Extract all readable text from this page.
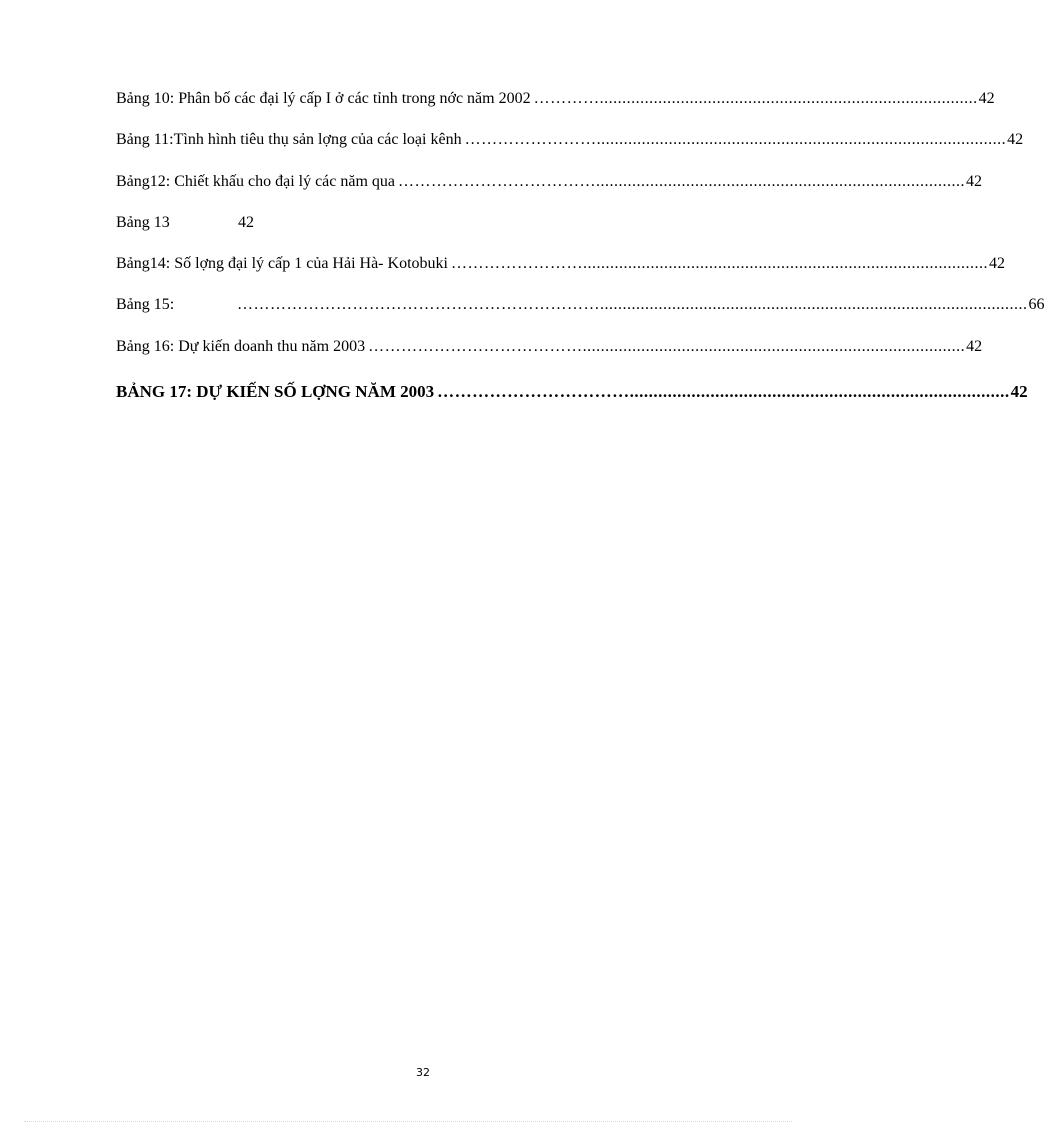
Bảng 10: Phân bố các đại lý cấp I ở các tỉnh trong nớc năm 2002 ………….................................................................................... 42
Bảng 11:Tình hình tiêu thụ sản lợng của các loại kênh ……………………........................................................................................... 42
Bảng12: Chiết khấu cho đại lý các năm qua ……………………………….................................................................................. 42
Bảng 13	42
Bảng14: Số lợng đại lý cấp 1 của Hải Hà- Kotobuki …………………….......................................................................................... 42
Bảng 15:	…………………………………………………………............................................................................................... 66
Bảng 16: Dự kiến doanh thu năm 2003 …………………………………..................................................................................... 42
BẢNG 17: DỰ KIẾN SỐ LỢNG NĂM 2003 ……………………………................................................................................ 42
32
